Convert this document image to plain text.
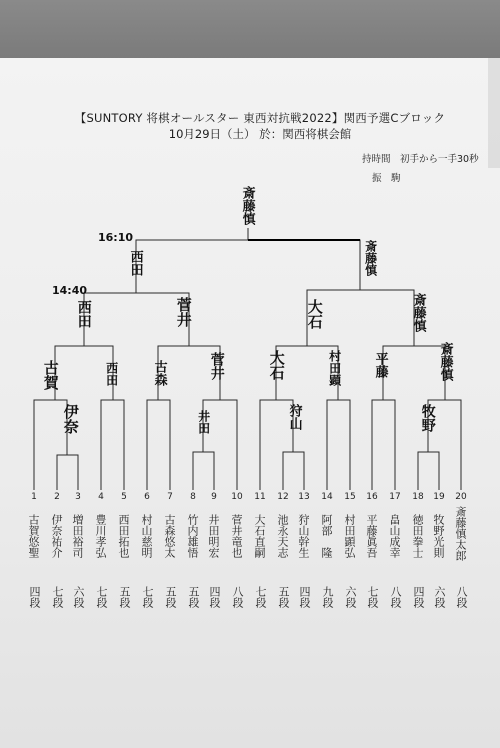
【SUNTORY 将棋オールスター 東西対抗戦2022】関西予選Cブロック
10月29日（土） 於：関西将棋会館
持時間　初手から一手30秒
振　駒
1	2	3	4	5	6	7	8	9	10	11	12	13	14	15	16	17	18	19	20
古賀悠聖 伊奈祐介 増田裕司 豊川孝弘 西田拓也 村山慈明 古森悠太 竹内雄悟 井田明宏 菅井竜也 大石直嗣 池永天志 狩山幹生 阿部　隆 村田顕弘 平藤眞吾 畠山成幸 徳田拳士 牧野光則 斎藤慎太郎
四段 七段 六段 七段 五段 七段 五段 五段 四段 八段 七段 五段 四段 九段 六段 七段 八段 四段 六段 八段
古賀
伊奈
西田	古森
井田
菅井	大石
狩山
村田顕 平藤
牧野
斎藤慎
西田	菅井	大石	斎藤慎
西田	斎藤慎
斎藤慎
14:40
16:10
